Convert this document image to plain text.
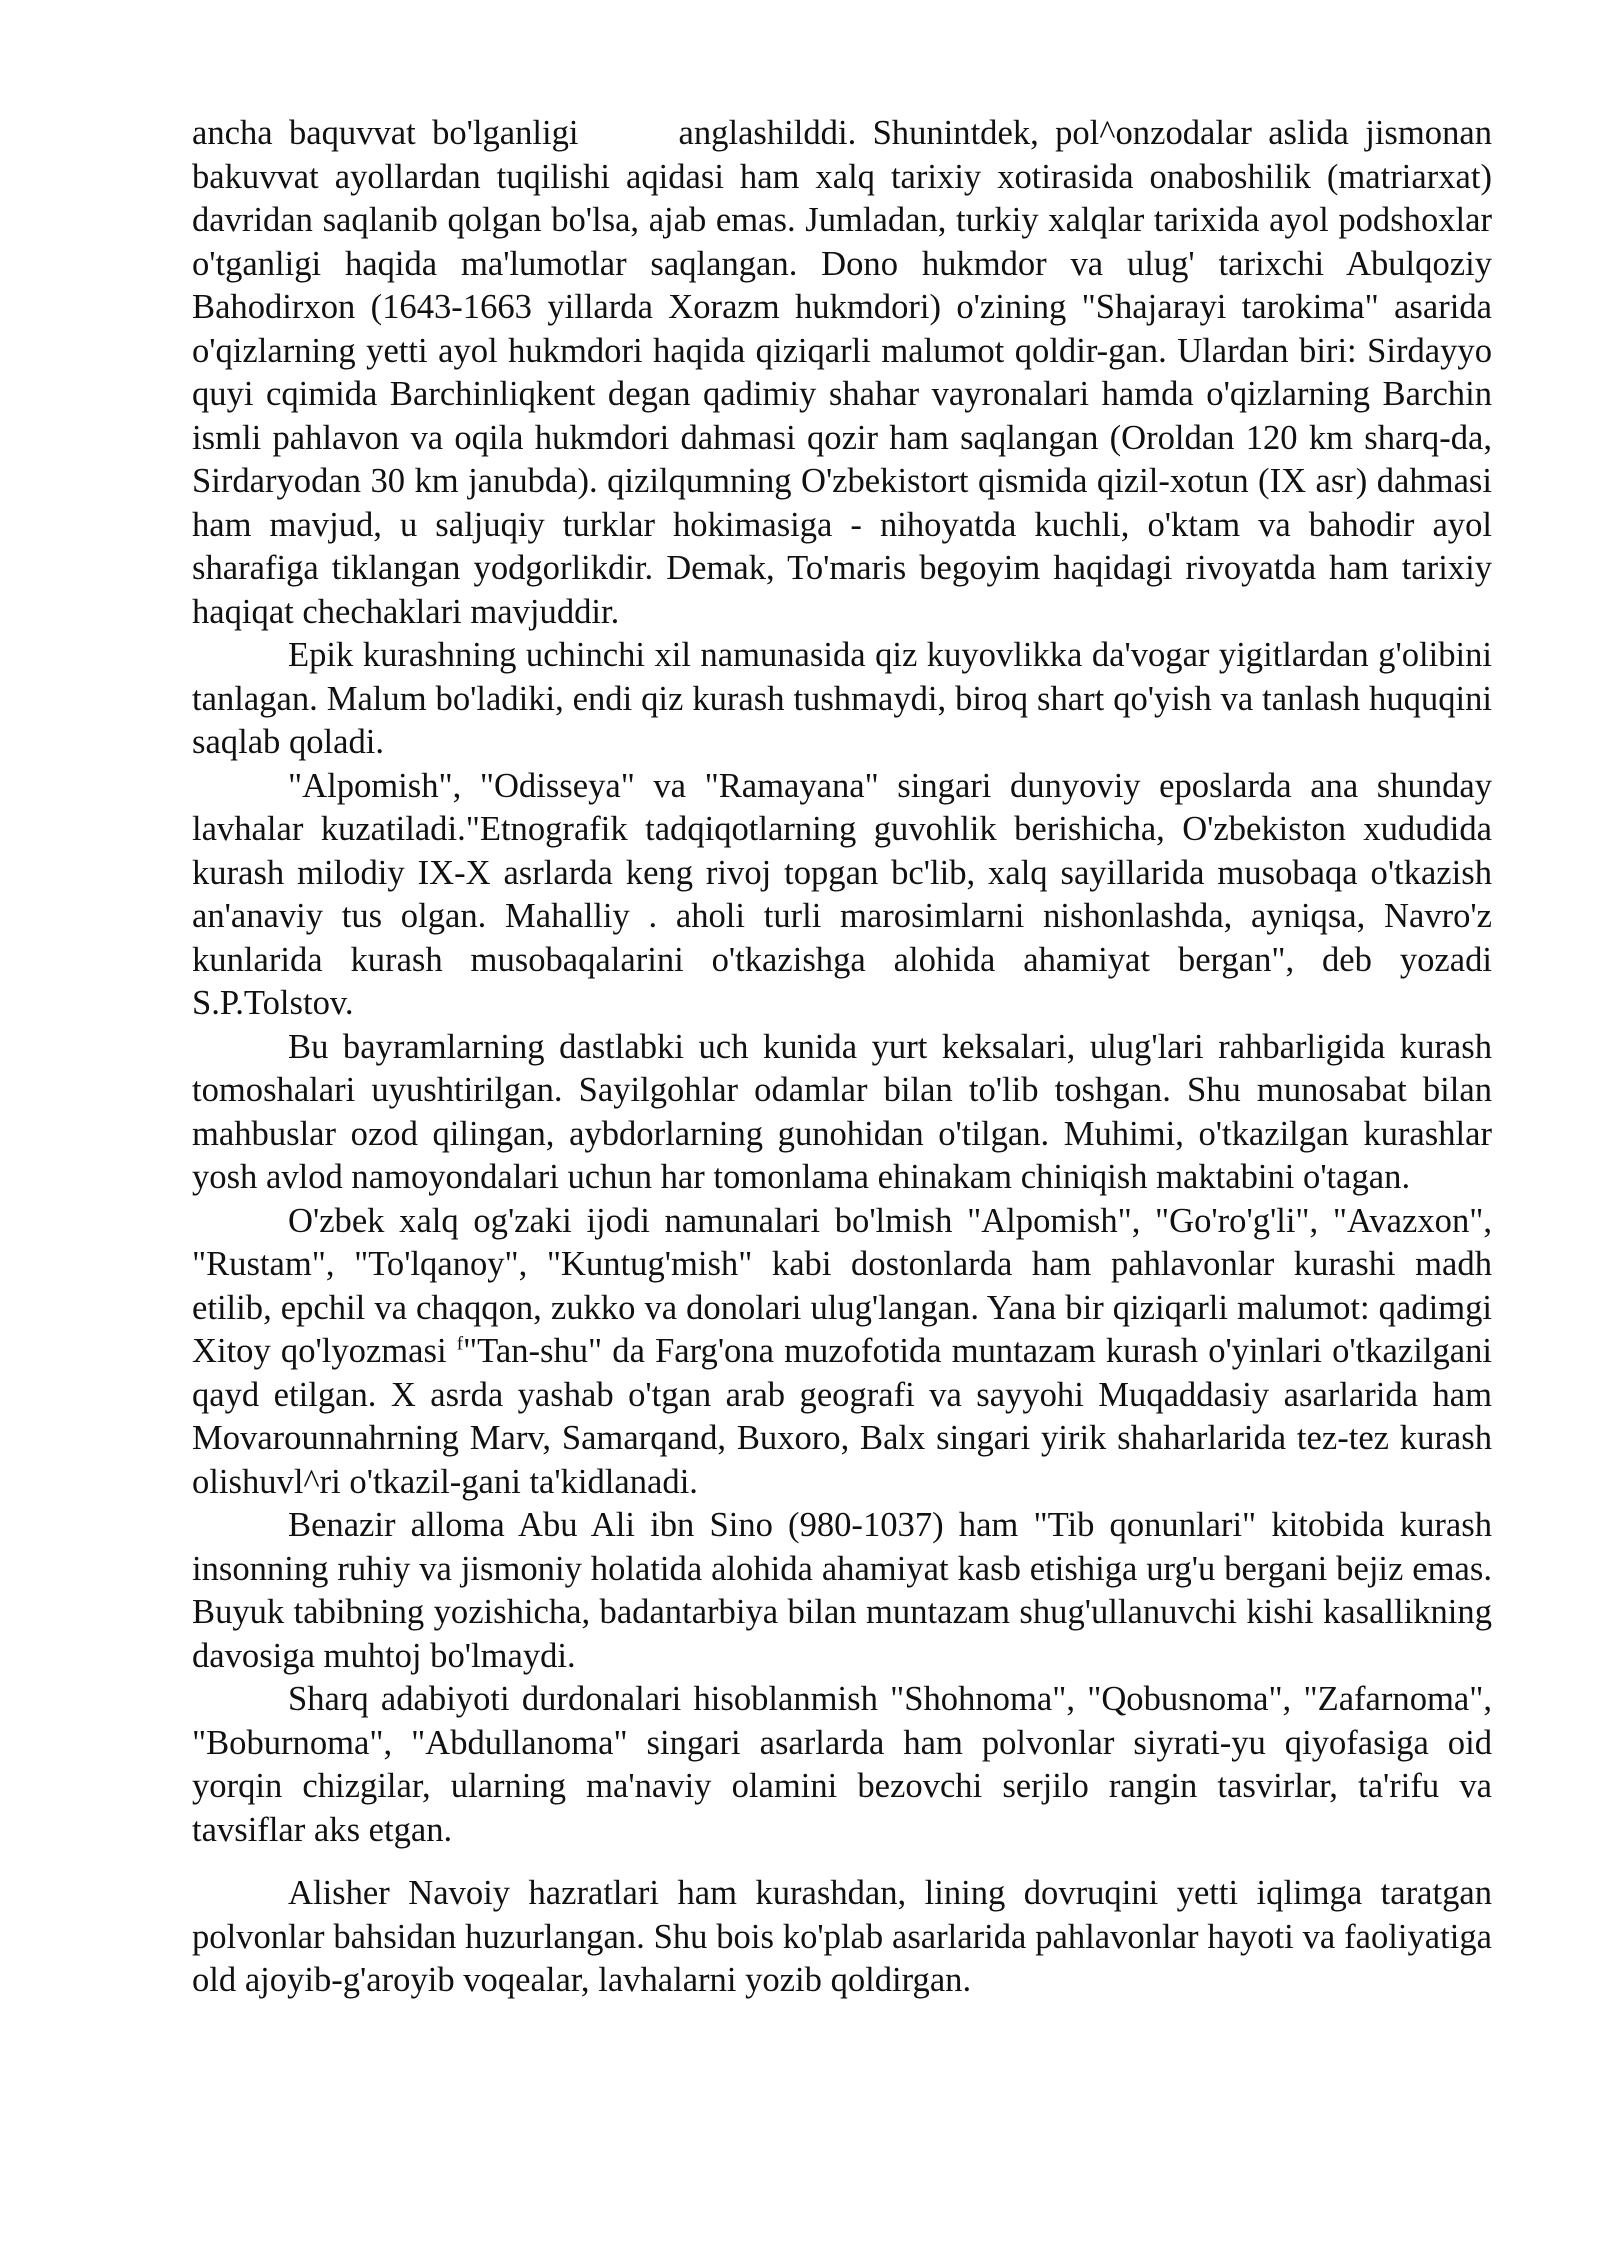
ancha baquvvat bo'lganligi	anglashilddi. Shunintdek, pol^onzodalar aslida jismonan bakuvvat ayollardan tuqilishi aqidasi ham xalq tarixiy xotirasida onaboshilik (matriarxat) davridan saqlanib qolgan bo'lsa, ajab emas. Jumladan, turkiy xalqlar tarixida ayol podshoxlar o'tganligi haqida ma'lumotlar saqlangan. Dono hukmdor va ulug' tarixchi Abulqoziy Bahodirxon (1643-1663 yillarda Xorazm hukmdori) o'zining "Shajarayi tarokima" asarida o'qizlarning yetti ayol hukmdori haqida qiziqarli malumot qoldir-gan. Ulardan biri: Sirdayyo quyi cqimida Barchinliqkent degan qadimiy shahar vayronalari hamda o'qizlarning Barchin ismli pahlavon va oqila hukmdori dahmasi qozir ham saqlangan (Oroldan 120 km sharq-da, Sirdaryodan 30 km janubda). qizilqumning O'zbekistort qismida qizil-xotun (IX asr) dahmasi ham mavjud, u saljuqiy turklar hokimasiga - nihoyatda kuchli, o'ktam va bahodir ayol sharafiga tiklangan yodgorlikdir. Demak, To'maris begoyim haqidagi rivoyatda ham tarixiy haqiqat chechaklari mavjuddir.

Epik kurashning uchinchi xil namunasida qiz kuyovlikka da'vogar yigitlardan g'olibini tanlagan. Malum bo'ladiki, endi qiz kurash tushmaydi, biroq shart qo'yish va tanlash huquqini saqlab qoladi.

"Alpomish", "Odisseya" va "Ramayana" singari dunyoviy eposlarda ana shunday lavhalar kuzatiladi."Etnografik tadqiqotlarning guvohlik berishicha, O'zbekiston xududida kurash milodiy IX-X asrlarda keng rivoj topgan bc'lib, xalq sayillarida musobaqa o'tkazish an'anaviy tus olgan. Mahalliy . aholi turli marosimlarni nishonlashda, ayniqsa, Navro'z kunlarida kurash musobaqalarini o'tkazishga alohida ahamiyat bergan", deb yozadi S.P.Tolstov.

Bu bayramlarning dastlabki uch kunida yurt keksalari, ulug'lari rahbarligida kurash tomoshalari uyushtirilgan. Sayilgohlar odamlar bilan to'lib toshgan. Shu munosabat bilan mahbuslar ozod qilingan, aybdorlarning gunohidan o'tilgan. Muhimi, o'tkazilgan kurashlar yosh avlod namoyondalari uchun har tomonlama ehinakam chiniqish maktabini o'tagan.

O'zbek xalq og'zaki ijodi namunalari bo'lmish "Alpomish", "Go'ro'g'li", "Avazxon", "Rustam", "To'lqanoy", "Kuntug'mish" kabi dostonlarda ham pahlavonlar kurashi madh etilib, epchil va chaqqon, zukko va donolari ulug'langan. Yana bir qiziqarli malumot: qadimgi Xitoy qo'lyozmasi $^f$"Tan-shu" da Farg'ona muzofotida muntazam kurash o'yinlari o'tkazilgani qayd etilgan. X asrda yashab o'tgan arab geografi va sayyohi Muqaddasiy asarlarida ham Movarounnahrning Marv, Samarqand, Buxoro, Balx singari yirik shaharlarida tez-tez kurash olishuvl^ri o'tkazil-gani ta'kidlanadi.

Benazir alloma Abu Ali ibn Sino (980-1037) ham "Tib qonunlari" kitobida kurash insonning ruhiy va jismoniy holatida alohida ahamiyat kasb etishiga urg'u bergani bejiz emas. Buyuk tabibning yozishicha, badantarbiya bilan muntazam shug'ullanuvchi kishi kasallikning davosiga muhtoj bo'lmaydi.

Sharq adabiyoti durdonalari hisoblanmish "Shohnoma", "Qobusnoma", "Zafarnoma", "Boburnoma", "Abdullanoma" singari asarlarda ham polvonlar siyrati-yu qiyofasiga oid yorqin chizgilar, ularning ma'naviy olamini bezovchi serjilo rangin tasvirlar, ta'rifu va tavsiflar aks etgan.

Alisher Navoiy hazratlari ham kurashdan, lining dovruqini yetti iqlimga taratgan polvonlar bahsidan huzurlangan. Shu bois ko'plab asarlarida pahlavonlar hayoti va faoliyatiga old ajoyib-g'aroyib voqealar, lavhalarni yozib qoldirgan.
